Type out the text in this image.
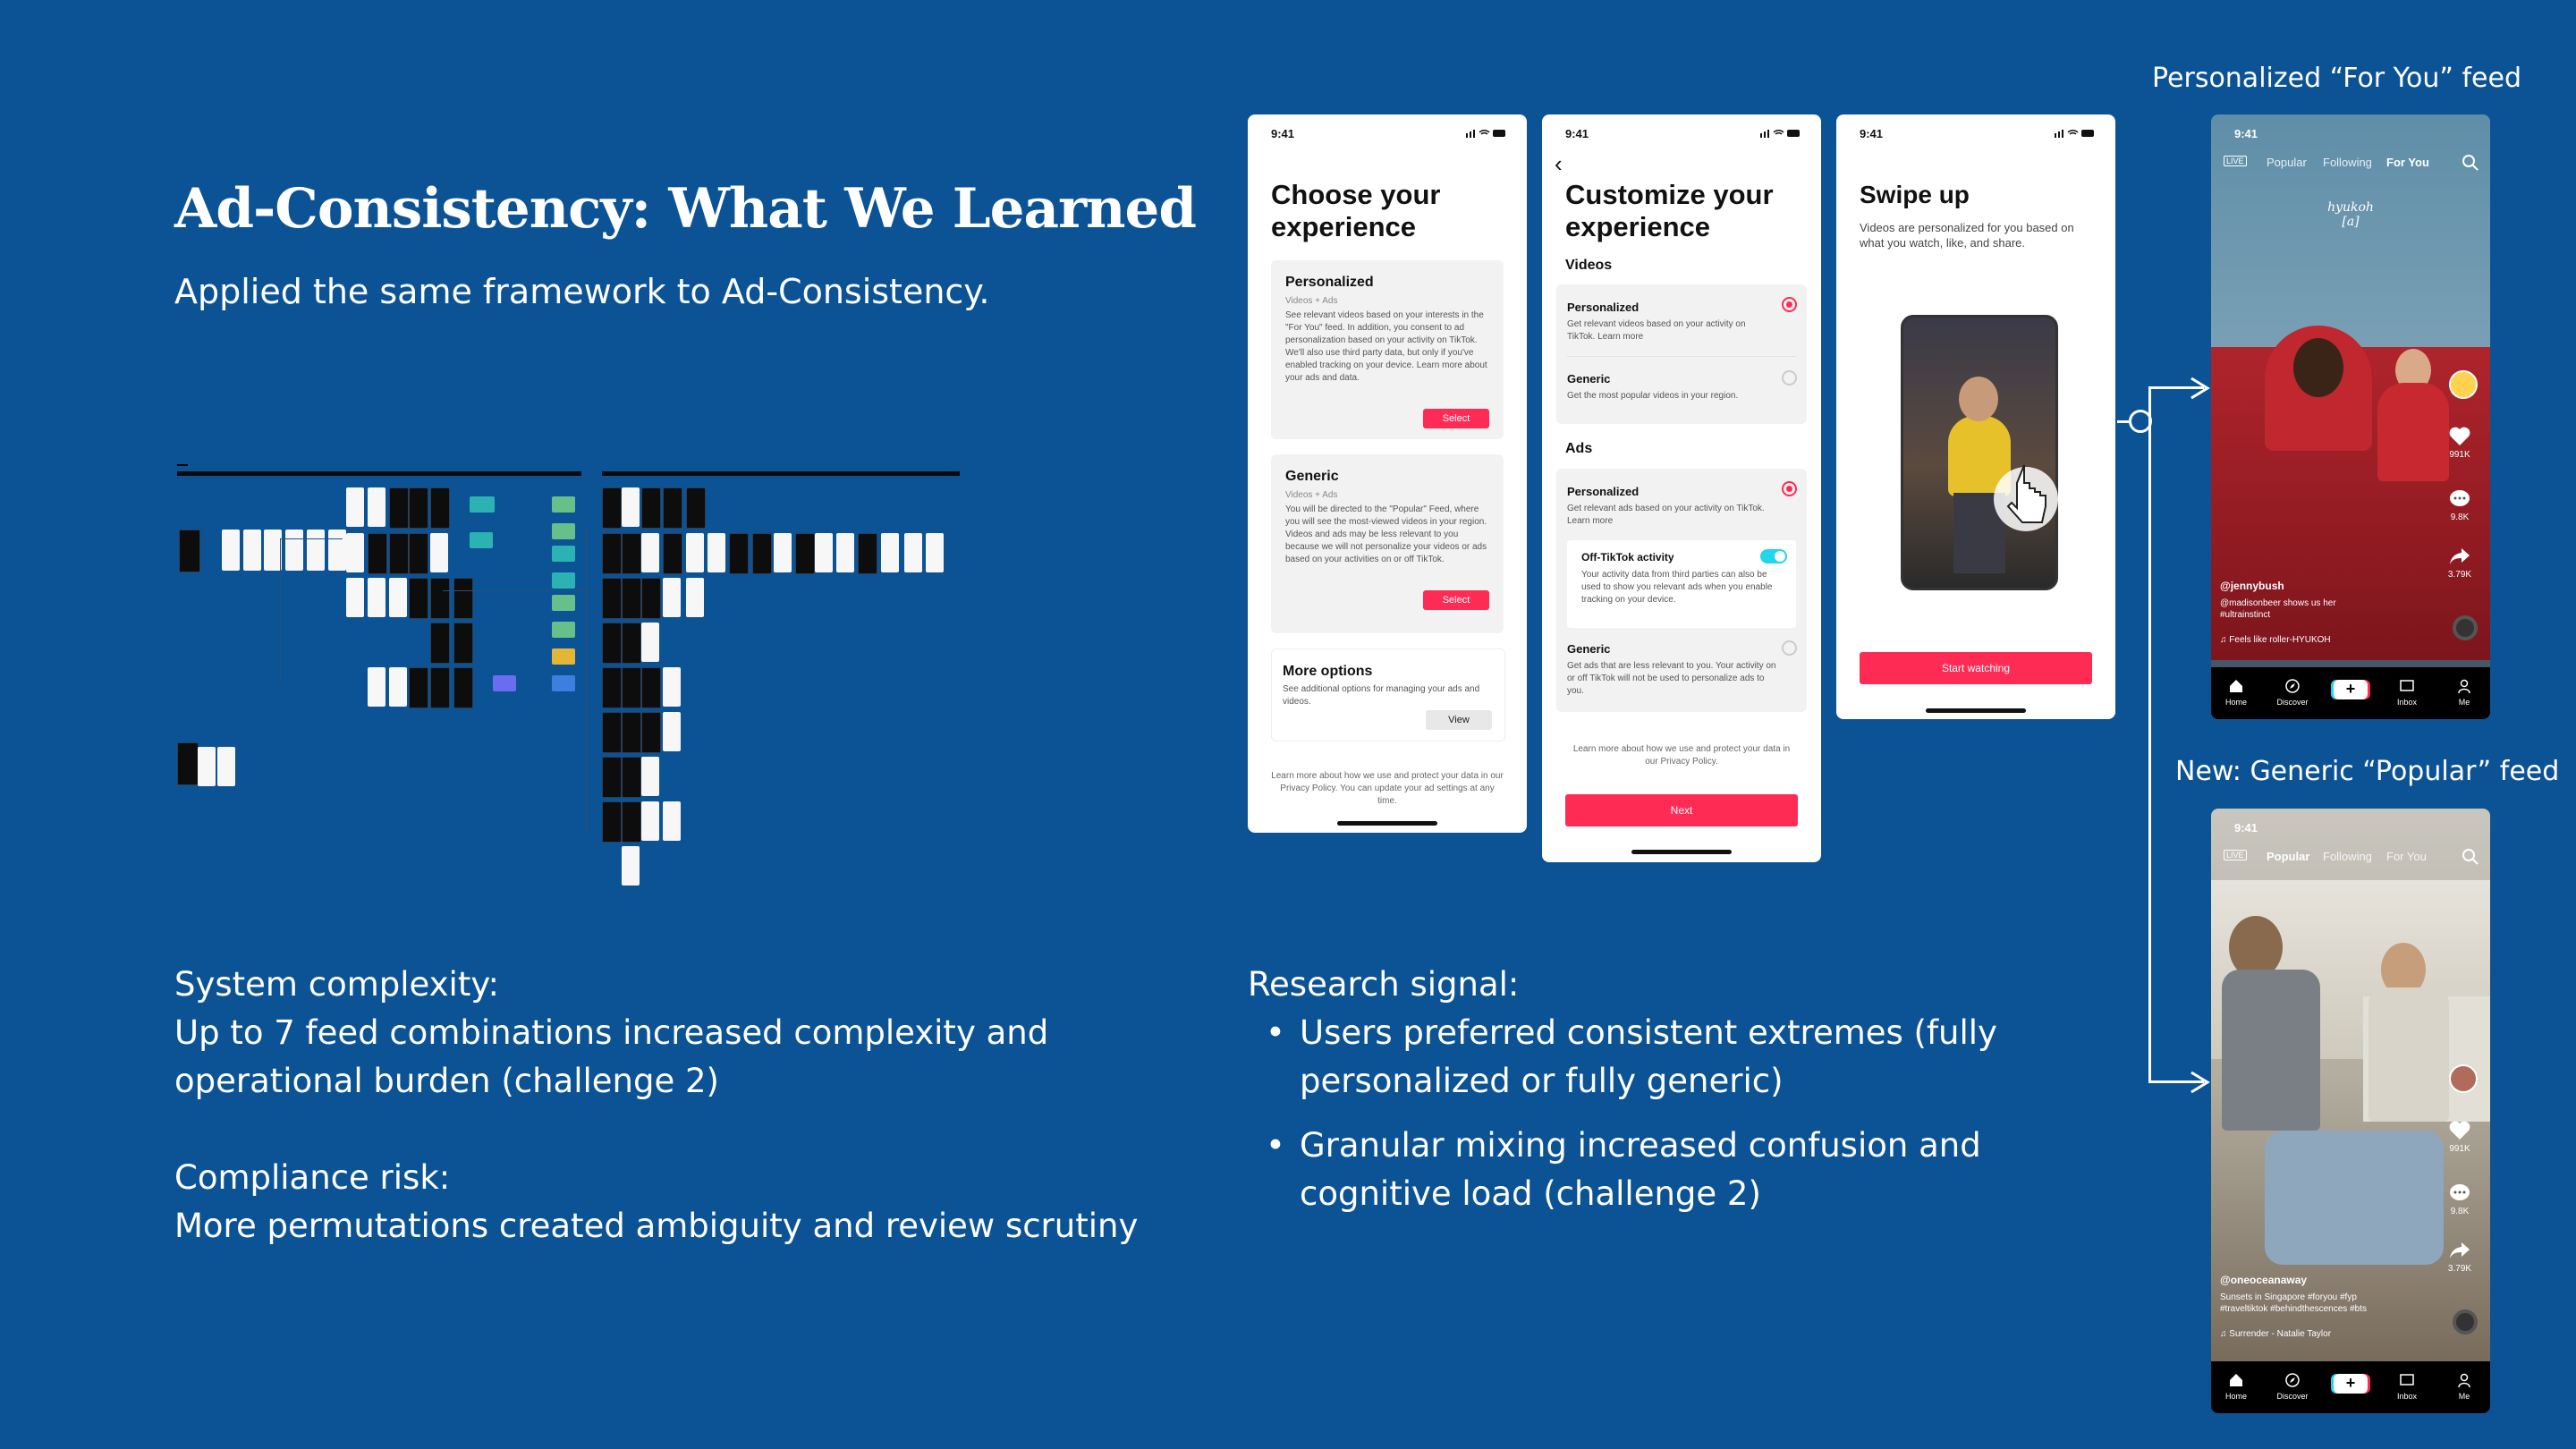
Ad-Consistency: What We Learned
Applied the same framework to Ad-Consistency.
9:41
Choose your
experience
Personalized
Videos + Ads
See relevant videos based on your interests in the "For You" feed. In addition, you consent to ad personalization based on your activity on TikTok. We'll also use third party data, but only if you've enabled tracking on your device. Learn more about your ads and data.
Select
Generic
Videos + Ads
You will be directed to the "Popular" Feed, where you will see the most-viewed videos in your region. Videos and ads may be less relevant to you because we will not personalize your videos or ads based on your activities on or off TikTok.
Select
More options
See additional options for managing your ads and videos.
View
Learn more about how we use and protect your data in our Privacy Policy. You can update your ad settings at any time.
9:41
‹
Customize your
experience
Videos
Personalized
Get relevant videos based on your activity on TikTok. Learn more
Generic
Get the most popular videos in your region.
Ads
Personalized
Get relevant ads based on your activity on TikTok. Learn more
Off-TikTok activity
Your activity data from third parties can also be used to show you relevant ads when you enable tracking on your device.
Generic
Get ads that are less relevant to you. Your activity on or off TikTok will not be used to personalize ads to you.
Learn more about how we use and protect your data in our Privacy Policy.
Next
9:41
Swipe up
Videos are personalized for you based on what you watch, like, and share.
Start watching
Personalized “For You” feed
New: Generic “Popular” feed
9:41
LIVE Popular Following For You
hyukoh
[a]
991K
9.8K
3.79K
@jennybush
@madisonbeer shows us her
#ultrainstinct
♫ Feels like roller-HYUKOH
Home	Discover
+
Inbox	Me
9:41
LIVE Popular Following For You
991K
9.8K
3.79K
@oneoceanaway
Sunsets in Singapore #foryou #fyp
#traveltiktok #behindthescences #bts
♫ Surrender - Natalie Taylor
Home	Discover
+
Inbox	Me
System complexity:
Up to 7 feed combinations increased complexity and
operational burden (challenge 2)
Compliance risk:
More permutations created ambiguity and review scrutiny
Research signal:
• Users preferred consistent extremes (fully
personalized or fully generic)
• Granular mixing increased confusion and
cognitive load (challenge 2)
